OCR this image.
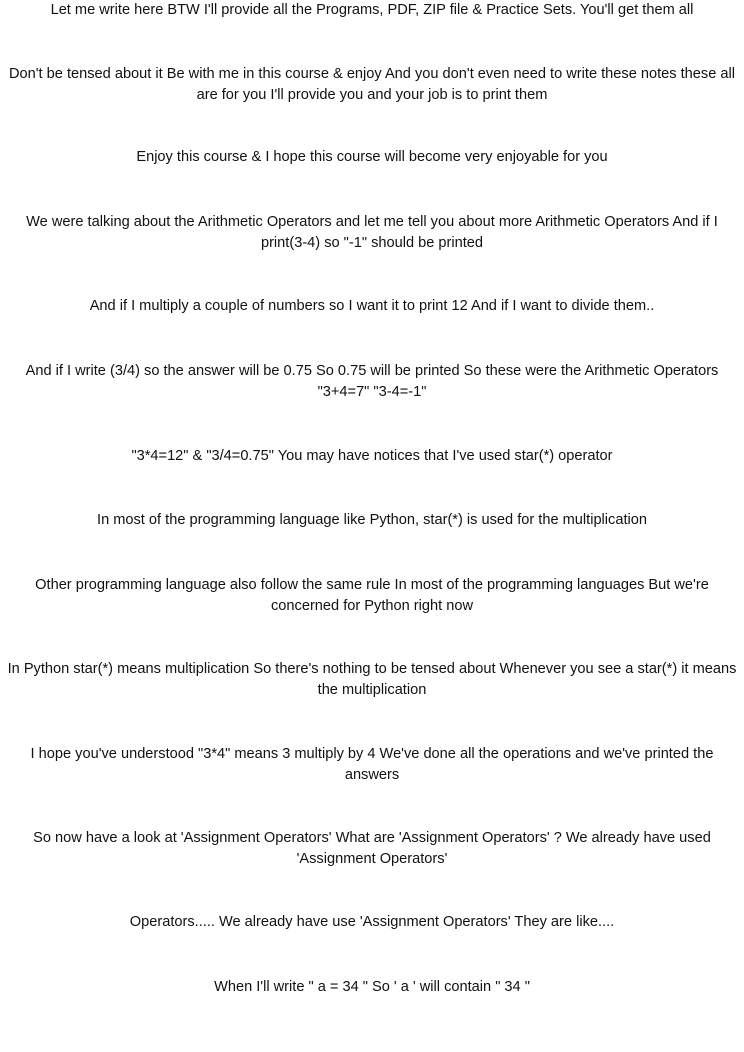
Let me write here BTW I'll provide all the Programs, PDF, ZIP file & Practice Sets. You'll get them all

Don't be tensed about it Be with me in this course & enjoy And you don't even need to write these notes these all are for you I'll provide you and your job is to print them

Enjoy this course & I hope this course will become very enjoyable for you

We were talking about the Arithmetic Operators and let me tell you about more Arithmetic Operators And if I print(3-4) so "-1" should be printed

And if I multiply a couple of numbers so I want it to print 12 And if I want to divide them..

And if I write (3/4) so the answer will be 0.75 So 0.75 will be printed So these were the Arithmetic Operators "3+4=7" "3-4=-1"

"3*4=12" & "3/4=0.75" You may have notices that I've used star(*) operator

In most of the programming language like Python, star(*) is used for the multiplication

Other programming language also follow the same rule In most of the programming languages But we're concerned for Python right now

In Python star(*) means multiplication So there's nothing to be tensed about Whenever you see a star(*) it means the multiplication

I hope you've understood "3*4" means 3 multiply by 4 We've done all the operations and we've printed the answers

So now have a look at 'Assignment Operators' What are 'Assignment Operators' ? We already have used 'Assignment Operators'

Operators..... We already have use 'Assignment Operators' They are like....

When I'll write " a = 34 " So ' a ' will contain " 34 "
